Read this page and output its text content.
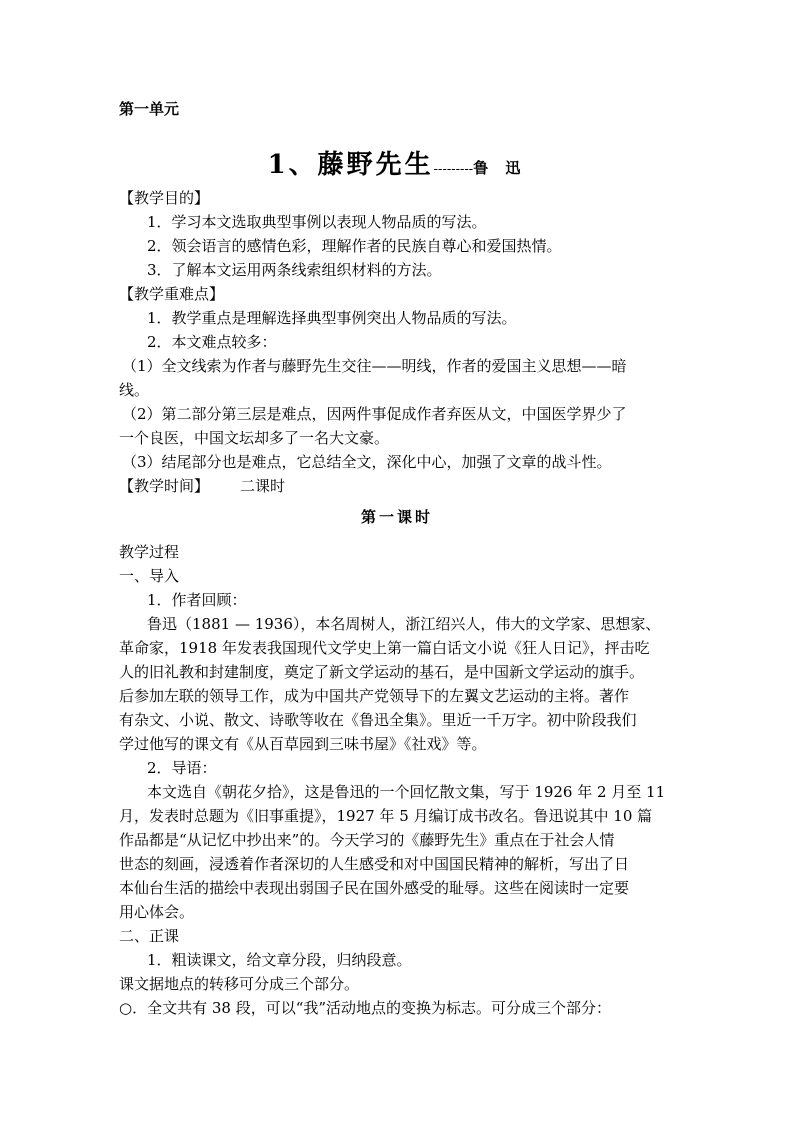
第一单元
1、藤野先生---------鲁 迅
【教学目的】
1．学习本文选取典型事例以表现人物品质的写法。
2．领会语言的感情色彩，理解作者的民族自尊心和爱国热情。
3．了解本文运用两条线索组织材料的方法。
【教学重难点】
1．教学重点是理解选择典型事例突出人物品质的写法。
2．本文难点较多：
（1）全文线索为作者与藤野先生交往——明线，作者的爱国主义思想——暗
线。
（2）第二部分第三层是难点，因两件事促成作者弃医从文，中国医学界少了
一个良医，中国文坛却多了一名大文豪。
（3）结尾部分也是难点，它总结全文，深化中心，加强了文章的战斗性。
【教学时间】 二课时
第一课时
教学过程
一、导入
1．作者回顾：
鲁迅（1881 — 1936），本名周树人，浙江绍兴人，伟大的文学家、思想家、
革命家，1918 年发表我国现代文学史上第一篇白话文小说《狂人日记》，抨击吃
人的旧礼教和封建制度，奠定了新文学运动的基石，是中国新文学运动的旗手。
后参加左联的领导工作，成为中国共产党领导下的左翼文艺运动的主将。著作
有杂文、小说、散文、诗歌等收在《鲁迅全集》。里近一千万字。初中阶段我们
学过他写的课文有《从百草园到三味书屋》《社戏》等。
2．导语：
本文选自《朝花夕拾》，这是鲁迅的一个回忆散文集，写于 1926 年 2 月至 11
月，发表时总题为《旧事重提》，1927 年 5 月编订成书改名。鲁迅说其中 10 篇
作品都是“从记忆中抄出来”的。今天学习的《藤野先生》重点在于社会人情
世态的刻画，浸透着作者深切的人生感受和对中国国民精神的解析，写出了日
本仙台生活的描绘中表现出弱国子民在国外感受的耻辱。这些在阅读时一定要
用心体会。
二、正课
1．粗读课文，给文章分段，归纳段意。
课文据地点的转移可分成三个部分。
○．全文共有 38 段，可以“我”活动地点的变换为标志。可分成三个部分：
